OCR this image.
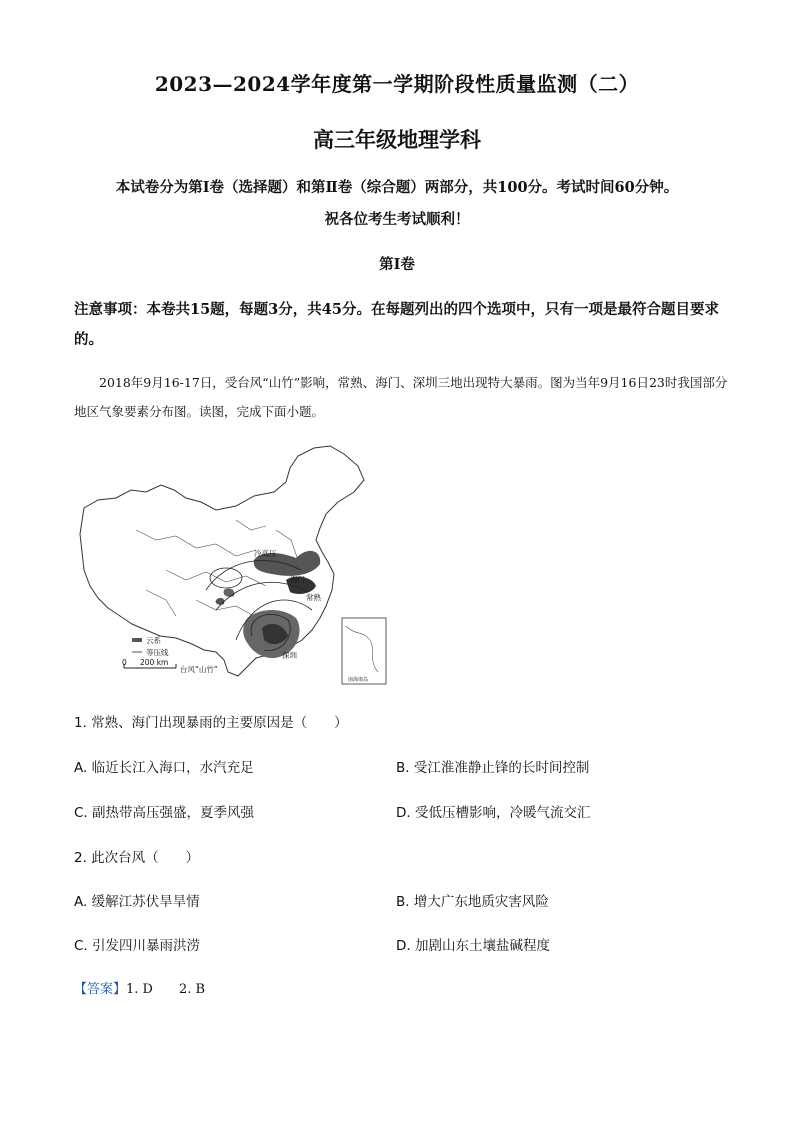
2023—2024学年度第一学期阶段性质量监测（二）
高三年级地理学科
本试卷分为第Ⅰ卷（选择题）和第Ⅱ卷（综合题）两部分，共100分。考试时间60分钟。
祝各位考生考试顺利！
第Ⅰ卷
注意事项：本卷共15题，每题3分，共45分。在每题列出的四个选项中，只有一项是最符合题目要求的。
2018年9月16-17日，受台风“山竹”影响，常熟、海门、深圳三地出现特大暴雨。图为当年9月16日23时我国部分地区气象要素分布图。读图，完成下面小题。
南海诸岛
冷高压
海门
常熟
深圳
台风“山竹”
云系
等压线
0 200 km
1. 常熟、海门出现暴雨的主要原因是（　　）
A. 临近长江入海口，水汽充足	B. 受江淮准静止锋的长时间控制
C. 副热带高压强盛，夏季风强	D. 受低压槽影响，冷暖气流交汇
2. 此次台风（　　）
A. 缓解江苏伏旱旱情	B. 增大广东地质灾害风险
C. 引发四川暴雨洪涝	D. 加剧山东土壤盐碱程度
【答案】1. D　　2. B
